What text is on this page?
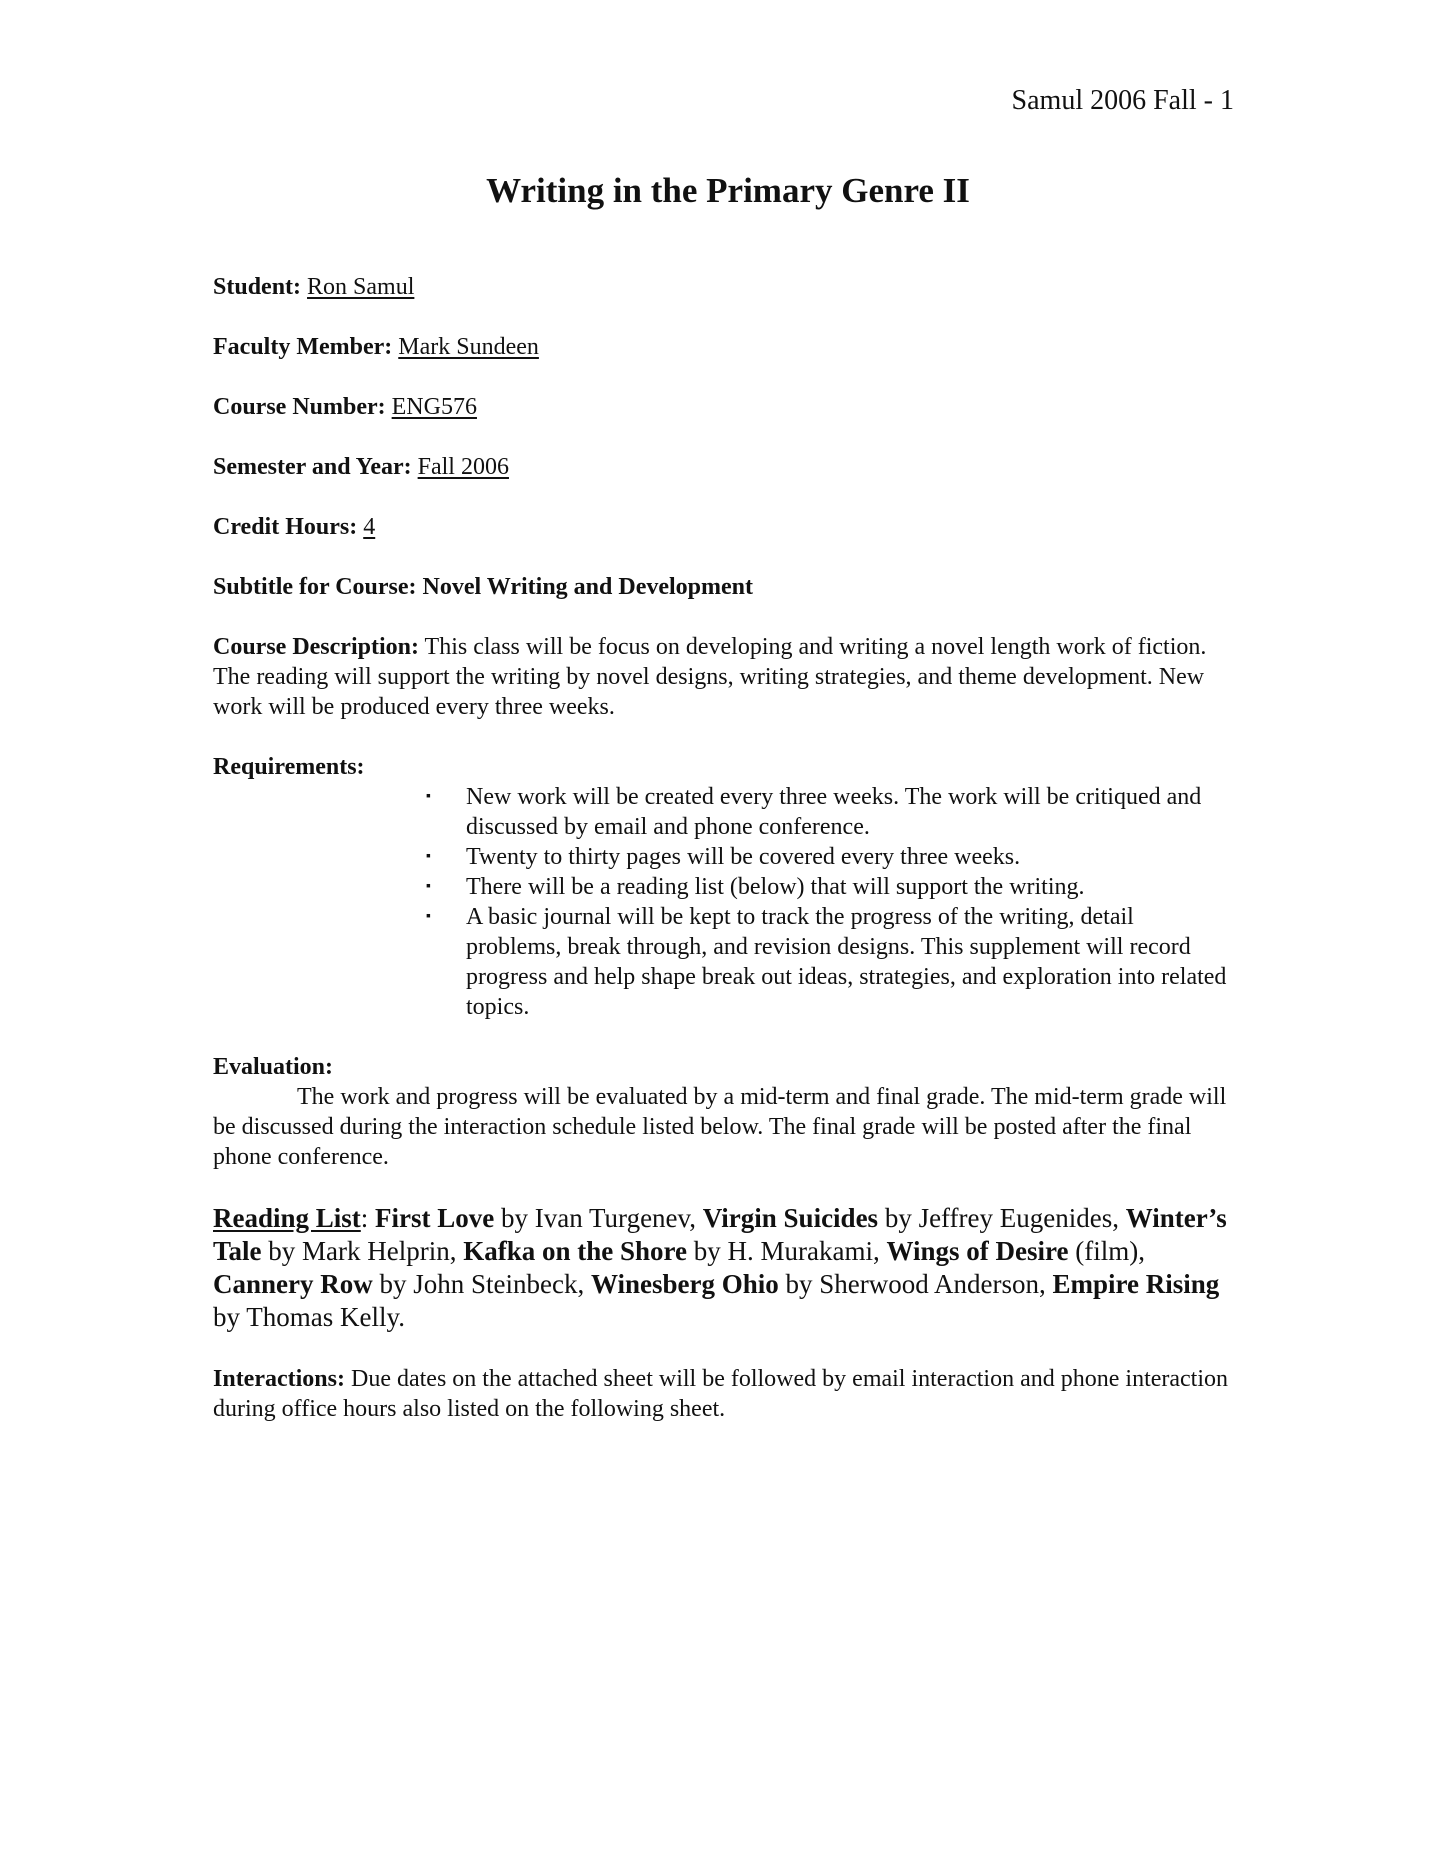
Samul 2006 Fall - 1
Writing in the Primary Genre II
Student: Ron Samul
Faculty Member: Mark Sundeen
Course Number: ENG576
Semester and Year: Fall 2006
Credit Hours: 4
Subtitle for Course: Novel Writing and Development
Course Description: This class will be focus on developing and writing a novel length work of fiction. The reading will support the writing by novel designs, writing strategies, and theme development. New work will be produced every three weeks.
Requirements:
▪ New work will be created every three weeks. The work will be critiqued and discussed by email and phone conference.
▪ Twenty to thirty pages will be covered every three weeks.
▪ There will be a reading list (below) that will support the writing.
▪ A basic journal will be kept to track the progress of the writing, detail problems, break through, and revision designs. This supplement will record progress and help shape break out ideas, strategies, and exploration into related topics.
Evaluation:
The work and progress will be evaluated by a mid-term and final grade. The mid-term grade will be discussed during the interaction schedule listed below. The final grade will be posted after the final phone conference.
Reading List: First Love by Ivan Turgenev, Virgin Suicides by Jeffrey Eugenides, Winter’s Tale by Mark Helprin, Kafka on the Shore by H. Murakami, Wings of Desire (film), Cannery Row by John Steinbeck, Winesberg Ohio by Sherwood Anderson, Empire Rising by Thomas Kelly.
Interactions: Due dates on the attached sheet will be followed by email interaction and phone interaction during office hours also listed on the following sheet.
